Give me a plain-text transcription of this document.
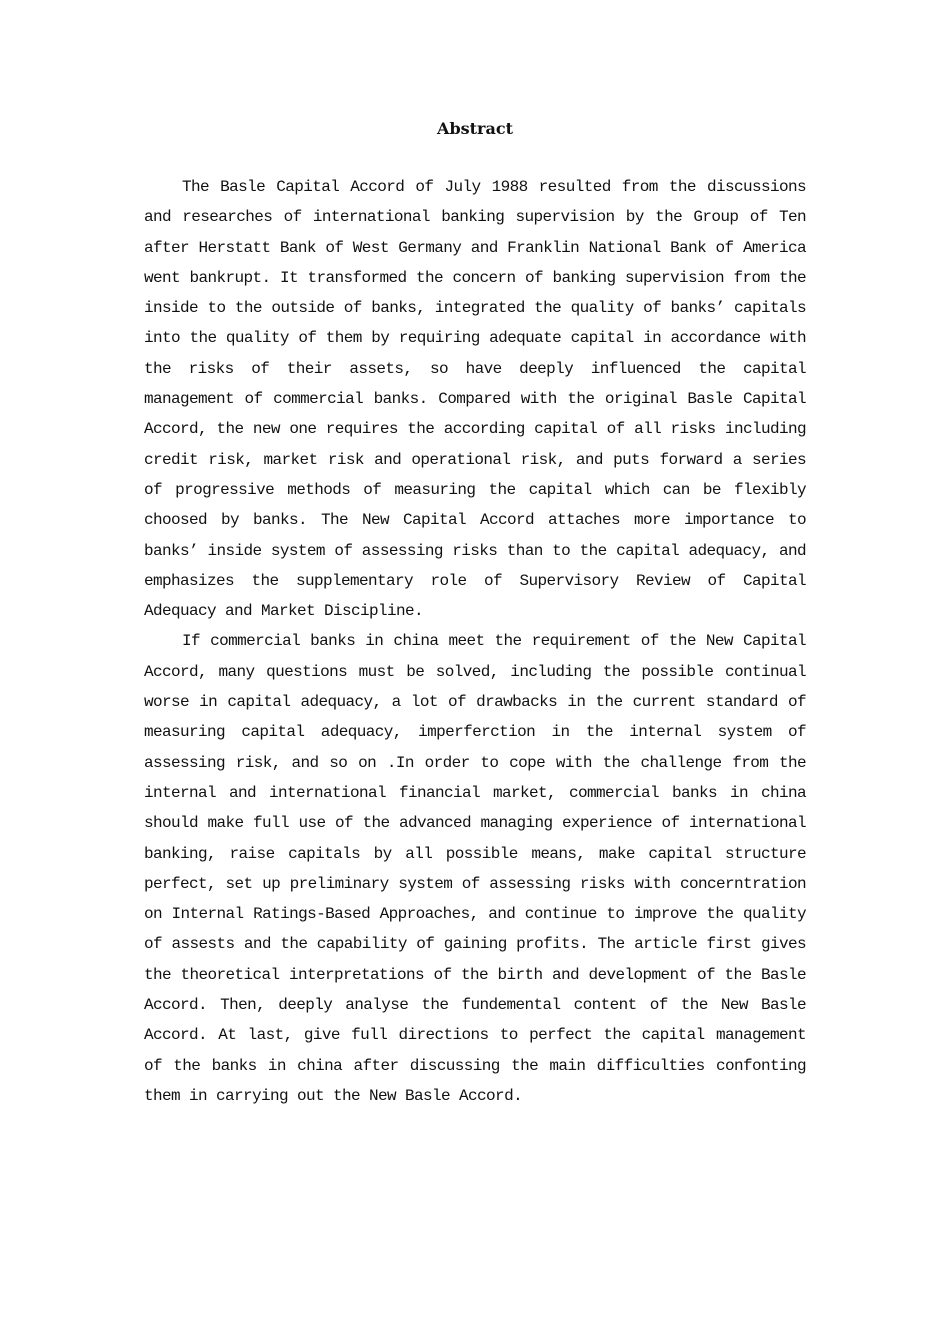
Abstract

The Basle Capital Accord of July 1988 resulted from the discussions and researches of international banking supervision by the Group of Ten after Herstatt Bank of West Germany and Franklin National Bank of America went bankrupt. It transformed the concern of banking supervision from the inside to the outside of banks, integrated the quality of banks’ capitals into the quality of them by requiring adequate capital in accordance with the risks of their assets, so have deeply influenced the capital management of commercial banks. Compared with the original Basle Capital Accord, the new one requires the according capital of all risks including credit risk, market risk and operational risk, and puts forward a series of progressive methods of measuring the capital which can be flexibly choosed by banks. The New Capital Accord attaches more importance to banks’ inside system of assessing risks than to the capital adequacy, and emphasizes the supplementary role of Supervisory Review of Capital Adequacy and Market Discipline.

If commercial banks in china meet the requirement of the New Capital Accord, many questions must be solved, including the possible continual worse in capital adequacy, a lot of drawbacks in the current standard of measuring capital adequacy, imperferction in the internal system of assessing risk, and so on .In order to cope with the challenge from the internal and international financial market, commercial banks in china should make full use of the advanced managing experience of international banking, raise capitals by all possible means, make capital structure perfect, set up preliminary system of assessing risks with concerntration on Internal Ratings-Based Approaches, and continue to improve the quality of assests and the capability of gaining profits. The article first gives the theoretical interpretations of the birth and development of the Basle Accord. Then, deeply analyse the fundemental content of the New Basle Accord. At last, give full directions to perfect the capital management of the banks in china after discussing the main difficulties confonting them in carrying out the New Basle Accord.
